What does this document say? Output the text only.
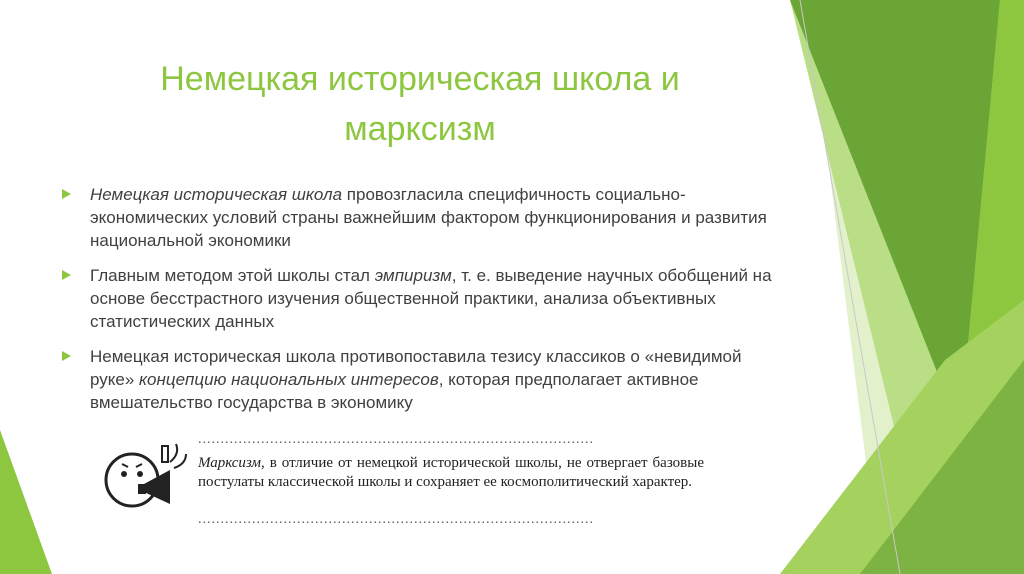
Немецкая историческая школа и марксизм
Немецкая историческая школа провозгласила специфичность социально-экономических условий страны важнейшим фактором функционирования и развития национальной экономики
Главным методом этой школы стал эмпиризм, т. е. выведение научных обобщений на основе бесстрастного изучения общественной практики, анализа объективных статистических данных
Немецкая историческая школа противопоставила тезису классиков о «невидимой руке» концепцию национальных интересов, которая предполагает активное вмешательство государства в экономику
........................................................................................
Марксизм, в отличие от немецкой исторической школы, не отвергает базовые постулаты классической школы и сохраняет ее космополитический характер.
........................................................................................
